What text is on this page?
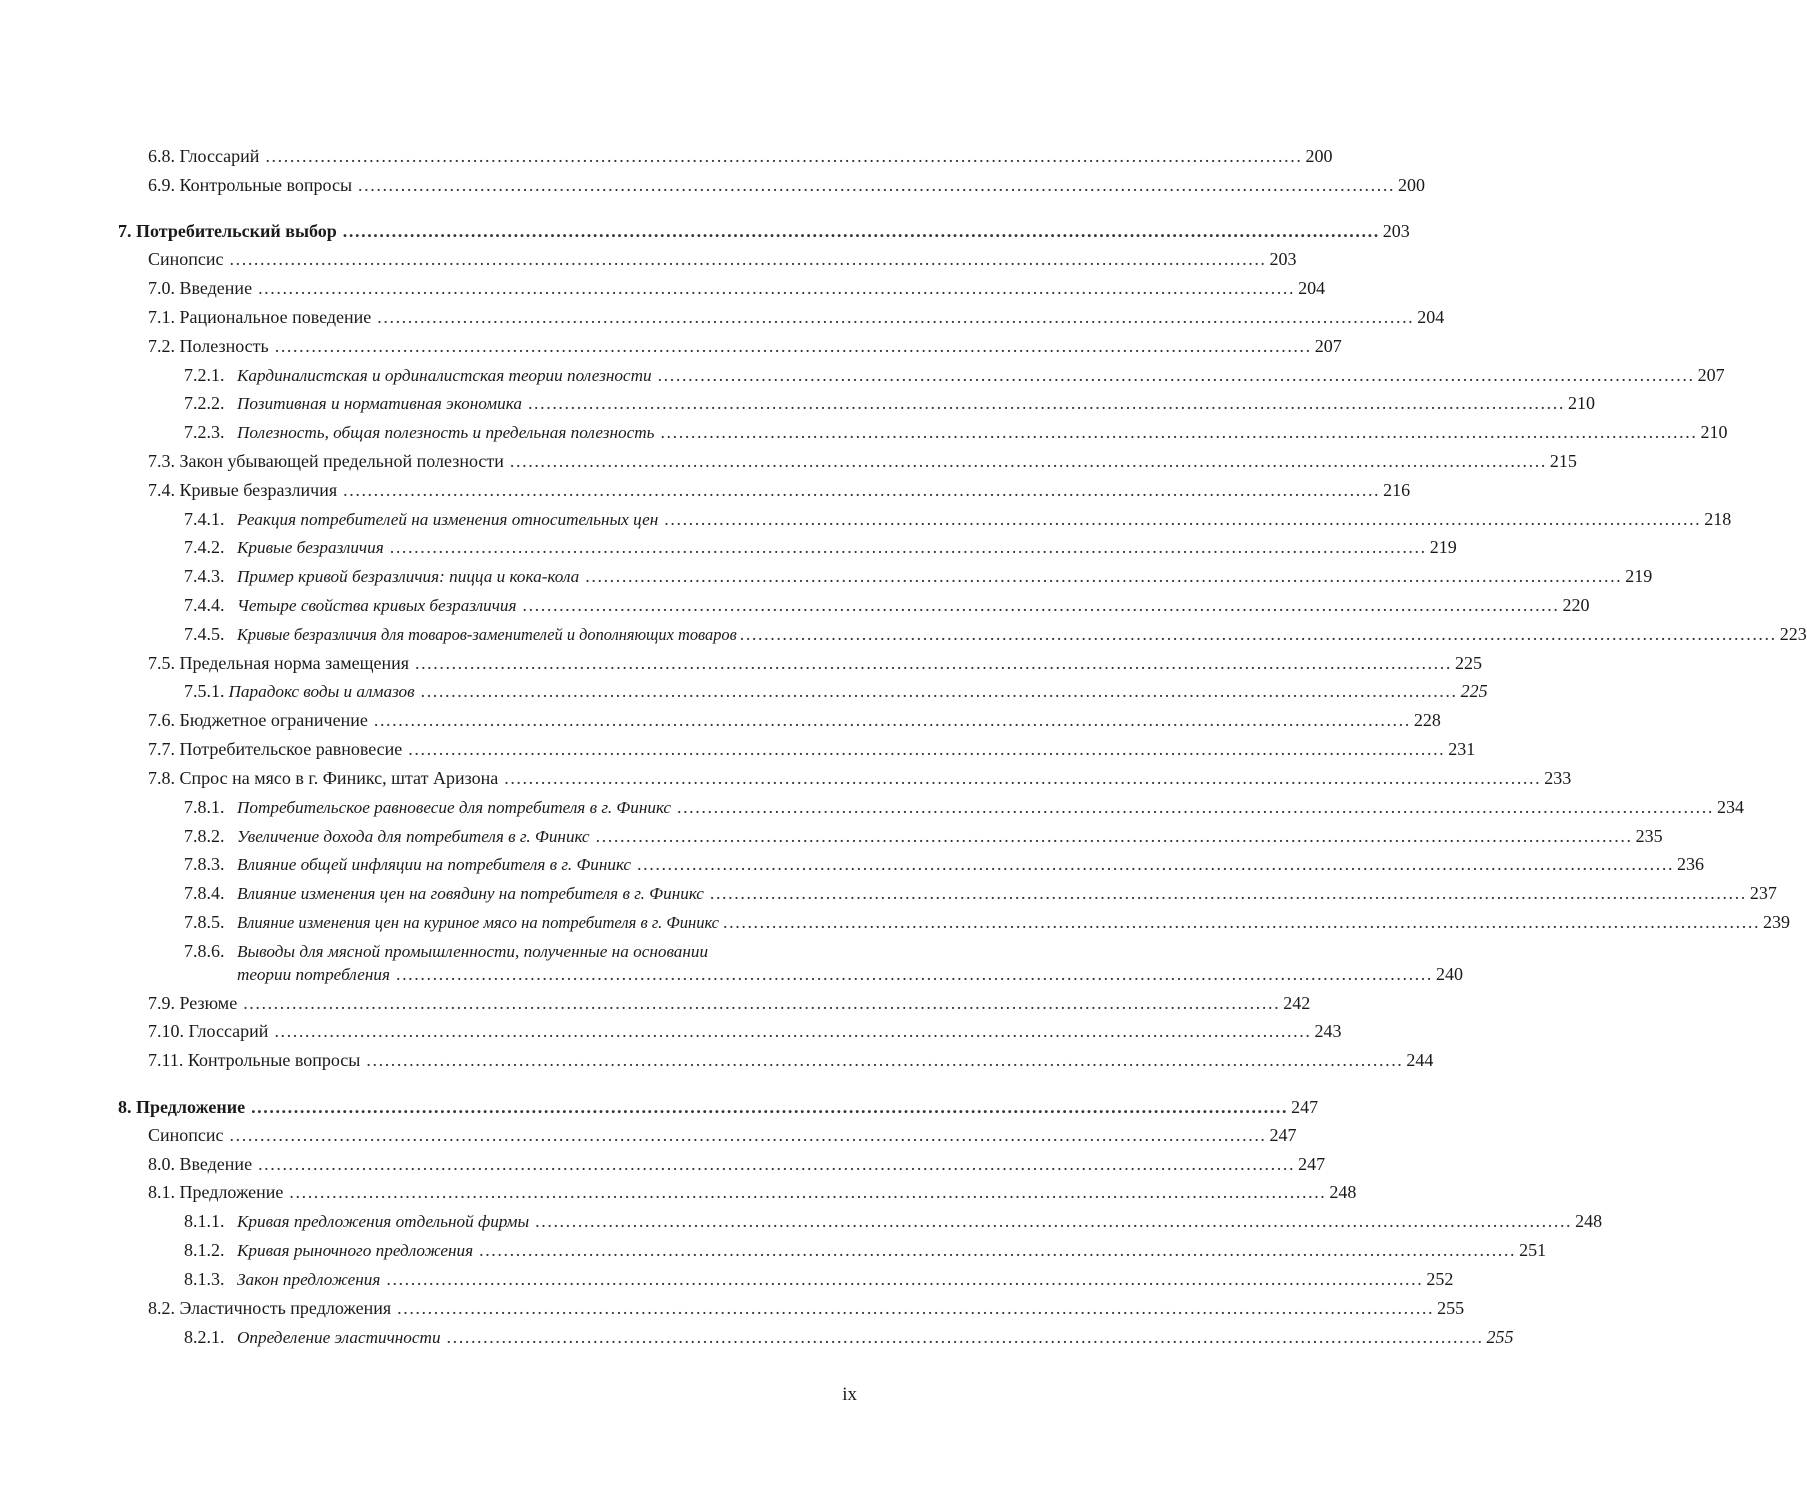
6.8.
Глоссарий .......................................................................................................................................................................... 200
6.9.
Контрольные вопросы .......................................................................................................................................................................... 200
7.
Потребительский выбор .......................................................................................................................................................................... 203
Синопсис .......................................................................................................................................................................... 203
7.0.
Введение .......................................................................................................................................................................... 204
7.1.
Рациональное поведение .......................................................................................................................................................................... 204
7.2.
Полезность .......................................................................................................................................................................... 207
7.2.1. Кардиналистская и ординалистская теории полезности .......................................................................................................................................................................... 207
7.2.2. Позитивная и нормативная экономика .......................................................................................................................................................................... 210
7.2.3. Полезность, общая полезность и предельная полезность .......................................................................................................................................................................... 210
7.3.
Закон убывающей предельной полезности .......................................................................................................................................................................... 215
7.4.
Кривые безразличия .......................................................................................................................................................................... 216
7.4.1. Реакция потребителей на изменения относительных цен .......................................................................................................................................................................... 218
7.4.2. Кривые безразличия .......................................................................................................................................................................... 219
7.4.3. Пример кривой безразличия: пицца и кока-кола .......................................................................................................................................................................... 219
7.4.4. Четыре свойства кривых безразличия .......................................................................................................................................................................... 220
7.4.5. Кривые безразличия для товаров-заменителей и дополняющих товаров .......................................................................................................................................................................... 223
7.5.
Предельная норма замещения .......................................................................................................................................................................... 225
7.5.1. Парадокс воды и алмазов .......................................................................................................................................................................... 225
7.6.
Бюджетное ограничение .......................................................................................................................................................................... 228
7.7.
Потребительское равновесие .......................................................................................................................................................................... 231
7.8.
Спрос на мясо в г. Финикс, штат Аризона .......................................................................................................................................................................... 233
7.8.1. Потребительское равновесие для потребителя в г. Финикс .......................................................................................................................................................................... 234
7.8.2. Увеличение дохода для потребителя в г. Финикс .......................................................................................................................................................................... 235
7.8.3. Влияние общей инфляции на потребителя в г. Финикс .......................................................................................................................................................................... 236
7.8.4. Влияние изменения цен на говядину на потребителя в г. Финикс .......................................................................................................................................................................... 237
7.8.5. Влияние изменения цен на куриное мясо на потребителя в г. Финикс .......................................................................................................................................................................... 239
7.8.6. Выводы для мясной промышленности, полученные на основании
теории потребления .......................................................................................................................................................................... 240
7.9.
Резюме .......................................................................................................................................................................... 242
7.10.
Глоссарий .......................................................................................................................................................................... 243
7.11.
Контрольные вопросы .......................................................................................................................................................................... 244
8.
Предложение .......................................................................................................................................................................... 247
Синопсис .......................................................................................................................................................................... 247
8.0.
Введение .......................................................................................................................................................................... 247
8.1.
Предложение .......................................................................................................................................................................... 248
8.1.1. Кривая предложения отдельной фирмы .......................................................................................................................................................................... 248
8.1.2. Кривая рыночного предложения .......................................................................................................................................................................... 251
8.1.3. Закон предложения .......................................................................................................................................................................... 252
8.2.
Эластичность предложения .......................................................................................................................................................................... 255
8.2.1. Определение эластичности .......................................................................................................................................................................... 255
ix
